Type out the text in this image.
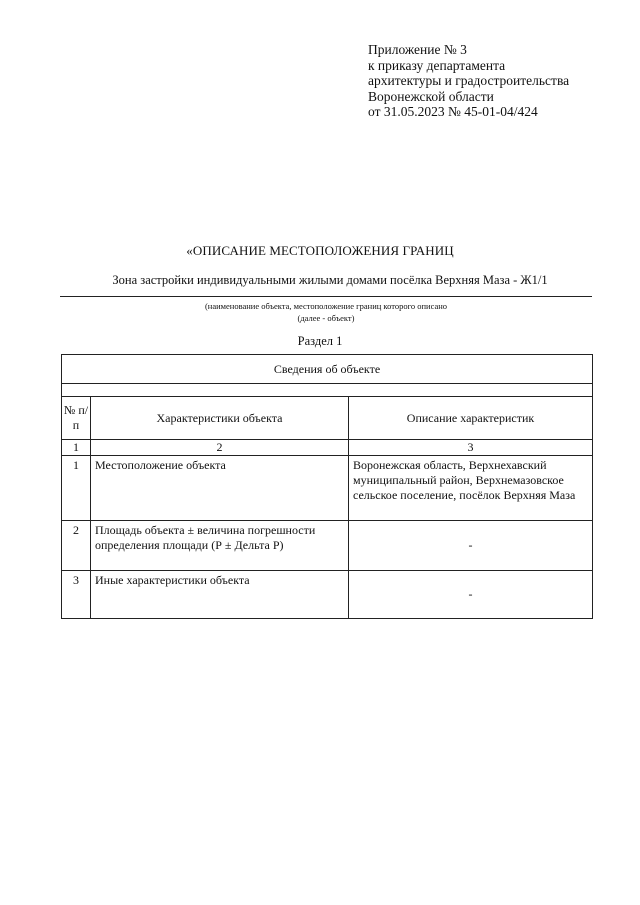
Приложение № 3
к приказу департамента
архитектуры и градостроительства
Воронежской области
от 31.05.2023 № 45-01-04/424
«ОПИСАНИЕ МЕСТОПОЛОЖЕНИЯ ГРАНИЦ
Зона застройки индивидуальными жилыми домами посёлка Верхняя Маза - Ж1/1
(наименование объекта, местоположение границ которого описано
(далее - объект)
Раздел 1
Сведения об объекте		

№ п/п	Характеристики объекта	Описание характеристик
1	2	3
1	Местоположение объекта	Воронежская область, Верхнехавский муниципальный район, Верхнемазовское сельское поселение, посёлок Верхняя Маза
2	Площадь объекта ± величина погрешности определения площади (Р ± Дельта Р)	-
3	Иные характеристики объекта	-
